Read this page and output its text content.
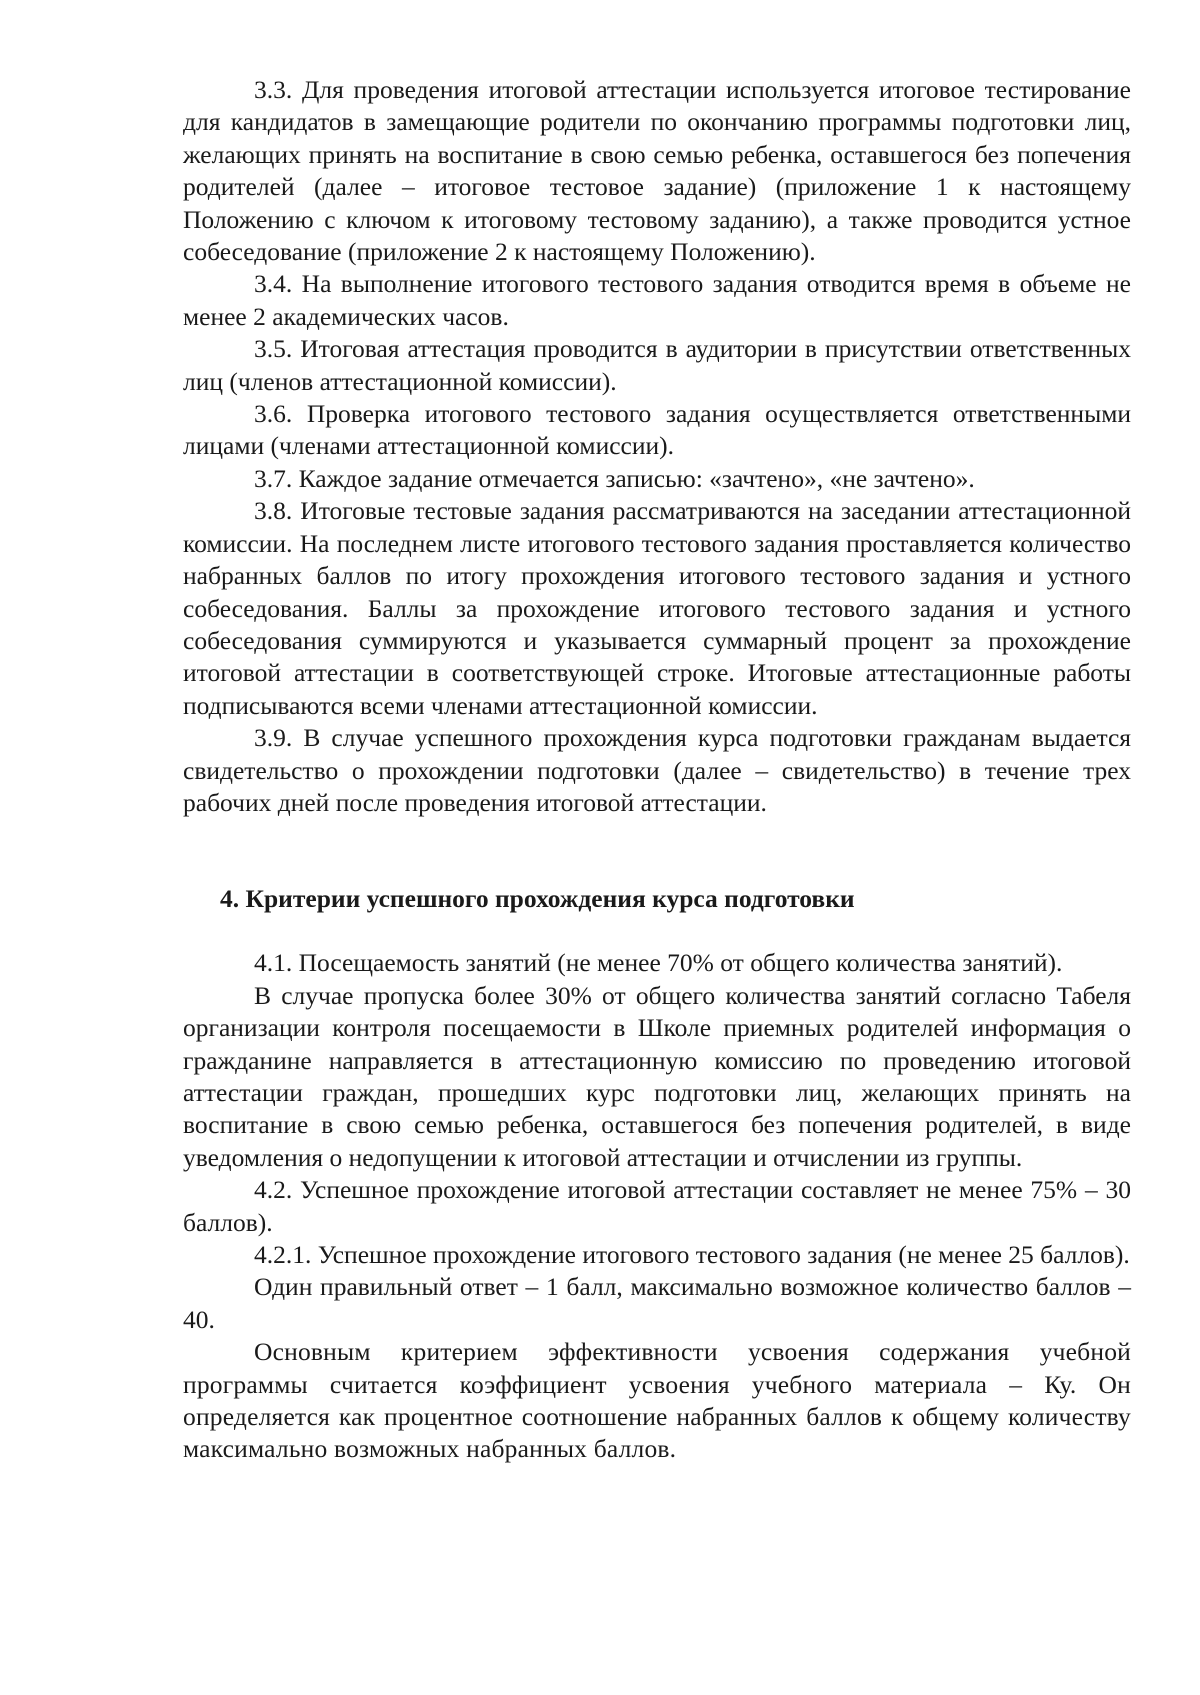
3.3. Для проведения итоговой аттестации используется итоговое тестирование для кандидатов в замещающие родители по окончанию программы подготовки лиц, желающих принять на воспитание в свою семью ребенка, оставшегося без попечения родителей (далее – итоговое тестовое задание) (приложение 1 к настоящему Положению с ключом к итоговому тестовому заданию), а также проводится устное собеседование (приложение 2 к настоящему Положению).

3.4. На выполнение итогового тестового задания отводится время в объеме не менее 2 академических часов.

3.5. Итоговая аттестация проводится в аудитории в присутствии ответственных лиц (членов аттестационной комиссии).

3.6. Проверка итогового тестового задания осуществляется ответственными лицами (членами аттестационной комиссии).

3.7. Каждое задание отмечается записью: «зачтено», «не зачтено».

3.8. Итоговые тестовые задания рассматриваются на заседании аттестационной комиссии. На последнем листе итогового тестового задания проставляется количество набранных баллов по итогу прохождения итогового тестового задания и устного собеседования. Баллы за прохождение итогового тестового задания и устного собеседования суммируются и указывается суммарный процент за прохождение итоговой аттестации в соответствующей строке. Итоговые аттестационные работы подписываются всеми членами аттестационной комиссии.

3.9. В случае успешного прохождения курса подготовки гражданам выдается свидетельство о прохождении подготовки (далее – свидетельство) в течение трех рабочих дней после проведения итоговой аттестации.

4. Критерии успешного прохождения курса подготовки

4.1. Посещаемость занятий (не менее 70% от общего количества занятий).

В случае пропуска более 30% от общего количества занятий согласно Табеля организации контроля посещаемости в Школе приемных родителей информация о гражданине направляется в аттестационную комиссию по проведению итоговой аттестации граждан, прошедших курс подготовки лиц, желающих принять на воспитание в свою семью ребенка, оставшегося без попечения родителей, в виде уведомления о недопущении к итоговой аттестации и отчислении из группы.

4.2. Успешное прохождение итоговой аттестации составляет не менее 75% – 30 баллов).

4.2.1. Успешное прохождение итогового тестового задания (не менее 25 баллов).

Один правильный ответ – 1 балл, максимально возможное количество баллов – 40.

Основным критерием эффективности усвоения содержания учебной программы считается коэффициент усвоения учебного материала – Ку. Он определяется как процентное соотношение набранных баллов к общему количеству максимально возможных набранных баллов.
